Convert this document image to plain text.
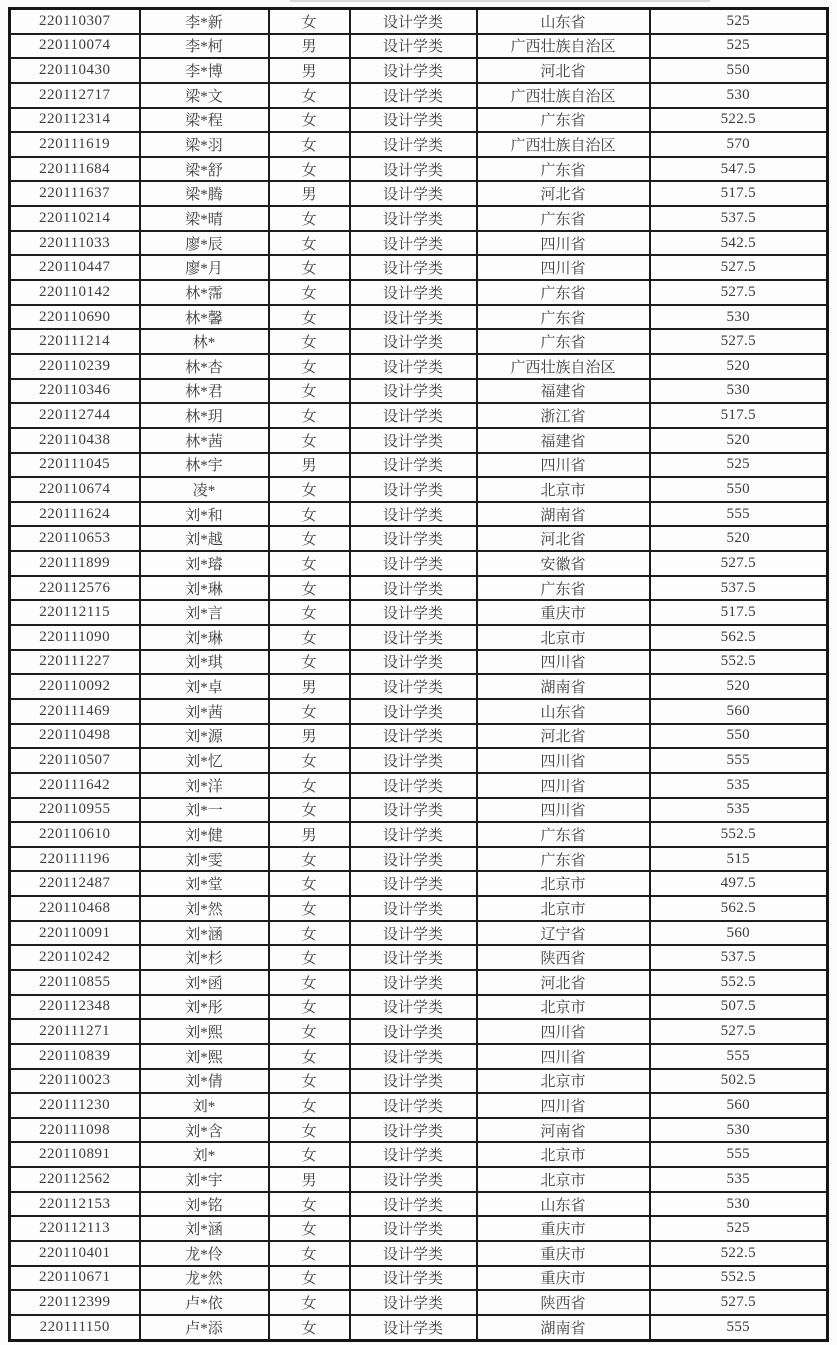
220110307	李*新	女	设计学类	山东省	525
220110074	李*柯	男	设计学类	广西壮族自治区	525
220110430	李*博	男	设计学类	河北省	550
220112717	梁*文	女	设计学类	广西壮族自治区	530
220112314	梁*程	女	设计学类	广东省	522.5
220111619	梁*羽	女	设计学类	广西壮族自治区	570
220111684	梁*舒	女	设计学类	广东省	547.5
220111637	梁*腾	男	设计学类	河北省	517.5
220110214	梁*晴	女	设计学类	广东省	537.5
220111033	廖*辰	女	设计学类	四川省	542.5
220110447	廖*月	女	设计学类	四川省	527.5
220110142	林*霈	女	设计学类	广东省	527.5
220110690	林*馨	女	设计学类	广东省	530
220111214	林*	女	设计学类	广东省	527.5
220110239	林*杏	女	设计学类	广西壮族自治区	520
220110346	林*君	女	设计学类	福建省	530
220112744	林*玥	女	设计学类	浙江省	517.5
220110438	林*茜	女	设计学类	福建省	520
220111045	林*宇	男	设计学类	四川省	525
220110674	凌*	女	设计学类	北京市	550
220111624	刘*和	女	设计学类	湖南省	555
220110653	刘*越	女	设计学类	河北省	520
220111899	刘*璿	女	设计学类	安徽省	527.5
220112576	刘*琳	女	设计学类	广东省	537.5
220112115	刘*言	女	设计学类	重庆市	517.5
220111090	刘*琳	女	设计学类	北京市	562.5
220111227	刘*琪	女	设计学类	四川省	552.5
220110092	刘*卓	男	设计学类	湖南省	520
220111469	刘*茜	女	设计学类	山东省	560
220110498	刘*源	男	设计学类	河北省	550
220110507	刘*忆	女	设计学类	四川省	555
220111642	刘*洋	女	设计学类	四川省	535
220110955	刘*一	女	设计学类	四川省	535
220110610	刘*健	男	设计学类	广东省	552.5
220111196	刘*雯	女	设计学类	广东省	515
220112487	刘*堂	女	设计学类	北京市	497.5
220110468	刘*然	女	设计学类	北京市	562.5
220110091	刘*涵	女	设计学类	辽宁省	560
220110242	刘*杉	女	设计学类	陕西省	537.5
220110855	刘*函	女	设计学类	河北省	552.5
220112348	刘*彤	女	设计学类	北京市	507.5
220111271	刘*熙	女	设计学类	四川省	527.5
220110839	刘*熙	女	设计学类	四川省	555
220110023	刘*倩	女	设计学类	北京市	502.5
220111230	刘*	女	设计学类	四川省	560
220111098	刘*含	女	设计学类	河南省	530
220110891	刘*	女	设计学类	北京市	555
220112562	刘*宇	男	设计学类	北京市	535
220112153	刘*铭	女	设计学类	山东省	530
220112113	刘*涵	女	设计学类	重庆市	525
220110401	龙*伶	女	设计学类	重庆市	522.5
220110671	龙*然	女	设计学类	重庆市	552.5
220112399	卢*依	女	设计学类	陕西省	527.5
220111150	卢*添	女	设计学类	湖南省	555
